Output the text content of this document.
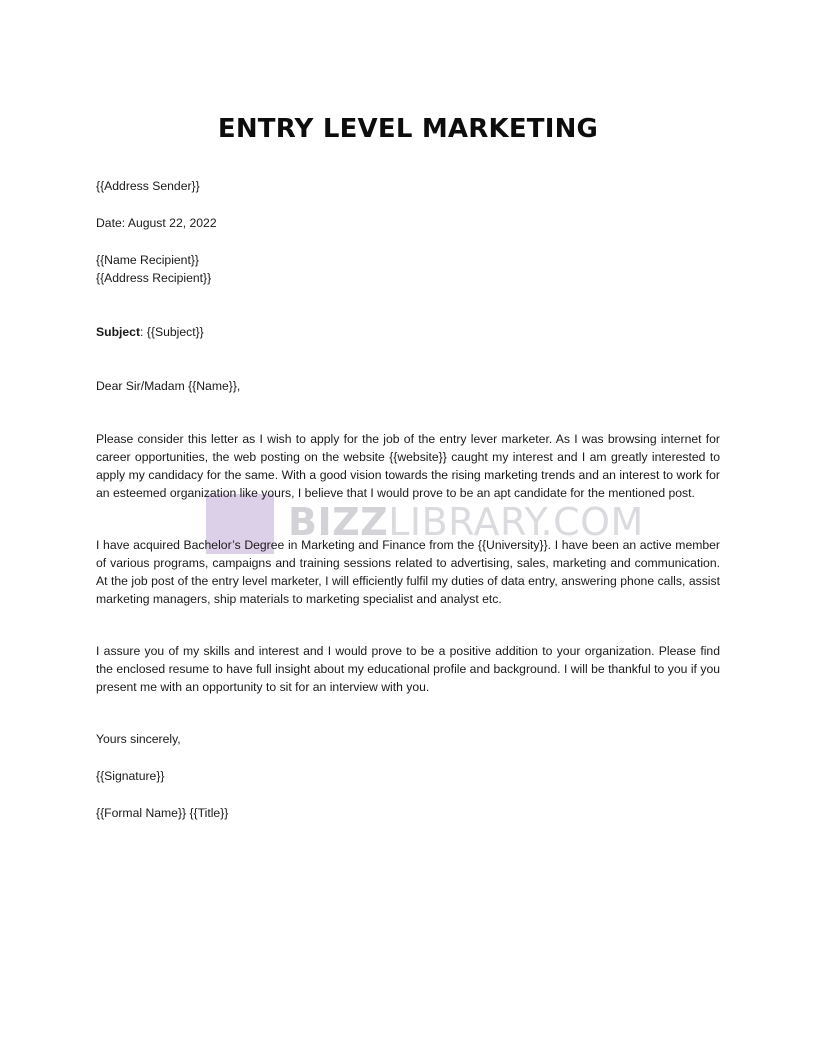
ENTRY LEVEL MARKETING
{{Address Sender}}
Date: August 22, 2022
{{Name Recipient}}
{{Address Recipient}}
Subject: {{Subject}}
Dear Sir/Madam {{Name}},
BIZZLIBRARY.COM

Please consider this letter as I wish to apply for the job of the entry lever marketer. As I was browsing internet for career opportunities, the web posting on the website {{website}} caught my interest and I am greatly interested to apply my candidacy for the same. With a good vision towards the rising marketing trends and an interest to work for an esteemed organization like yours, I believe that I would prove to be an apt candidate for the mentioned post.

I have acquired Bachelor’s Degree in Marketing and Finance from the {{University}}. I have been an active member of various programs, campaigns and training sessions related to advertising, sales, marketing and communication. At the job post of the entry level marketer, I will efficiently fulfil my duties of data entry, answering phone calls, assist marketing managers, ship materials to marketing specialist and analyst etc.

I assure you of my skills and interest and I would prove to be a positive addition to your organization. Please find the enclosed resume to have full insight about my educational profile and background. I will be thankful to you if you present me with an opportunity to sit for an interview with you.

Yours sincerely,
{{Signature}}
{{Formal Name}} {{Title}}
